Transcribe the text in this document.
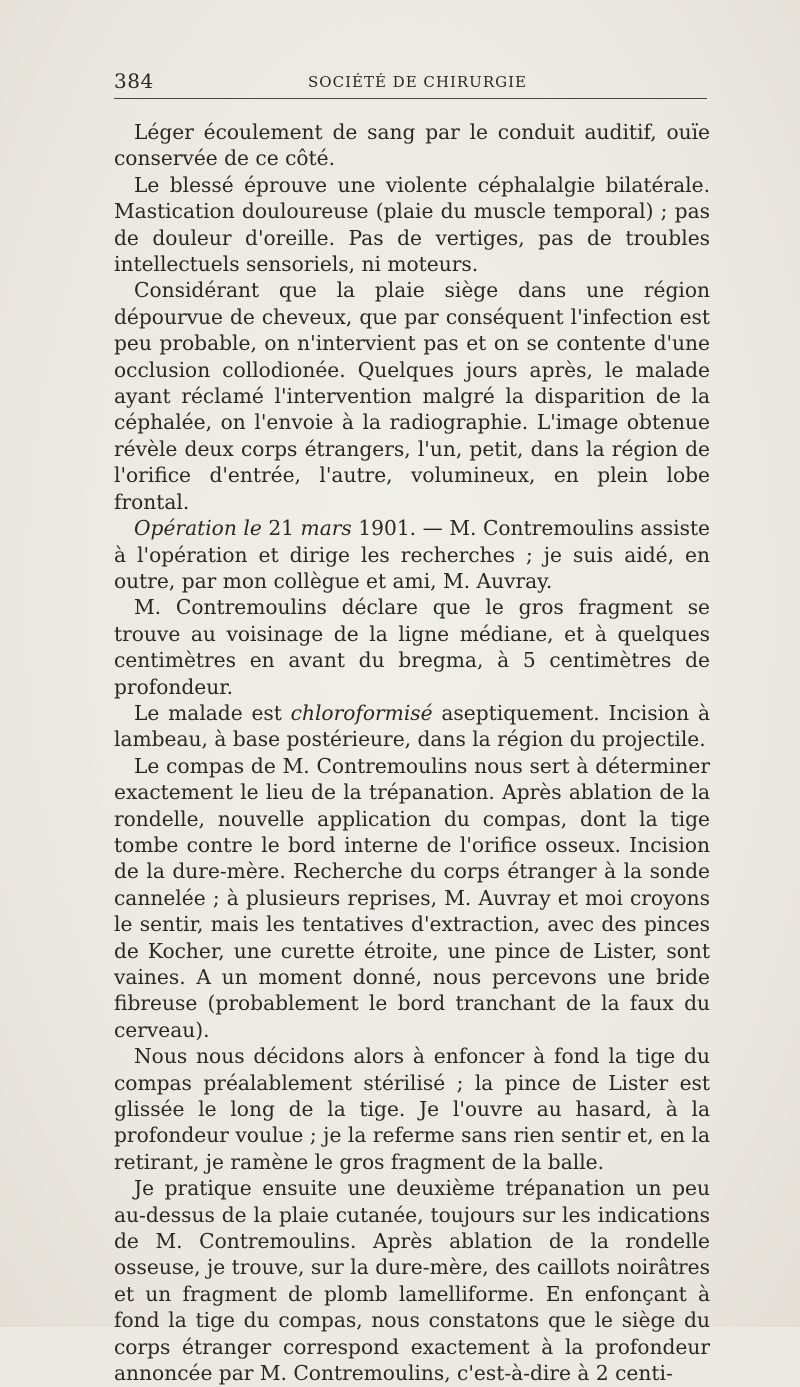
384	SOCIÉTÉ DE CHIRURGIE

Léger écoulement de sang par le conduit auditif, ouïe conservée de ce côté.

Le blessé éprouve une violente céphalalgie bilatérale. Mastication douloureuse (plaie du muscle temporal) ; pas de douleur d'oreille. Pas de vertiges, pas de troubles intellectuels sensoriels, ni moteurs.

Considérant que la plaie siège dans une région dépourvue de cheveux, que par conséquent l'infection est peu probable, on n'intervient pas et on se contente d'une occlusion collodionée. Quelques jours après, le malade ayant réclamé l'intervention malgré la disparition de la céphalée, on l'envoie à la radiographie. L'image obtenue révèle deux corps étrangers, l'un, petit, dans la région de l'orifice d'entrée, l'autre, volumineux, en plein lobe frontal.

Opération le 21 mars 1901. — M. Contremoulins assiste à l'opération et dirige les recherches ; je suis aidé, en outre, par mon collègue et ami, M. Auvray.

M. Contremoulins déclare que le gros fragment se trouve au voisinage de la ligne médiane, et à quelques centimètres en avant du bregma, à 5 centimètres de profondeur.

Le malade est chloroformisé aseptiquement. Incision à lambeau, à base postérieure, dans la région du projectile.

Le compas de M. Contremoulins nous sert à déterminer exactement le lieu de la trépanation. Après ablation de la rondelle, nouvelle application du compas, dont la tige tombe contre le bord interne de l'orifice osseux. Incision de la dure-mère. Recherche du corps étranger à la sonde cannelée ; à plusieurs reprises, M. Auvray et moi croyons le sentir, mais les tentatives d'extraction, avec des pinces de Kocher, une curette étroite, une pince de Lister, sont vaines. A un moment donné, nous percevons une bride fibreuse (probablement le bord tranchant de la faux du cerveau).

Nous nous décidons alors à enfoncer à fond la tige du compas préalablement stérilisé ; la pince de Lister est glissée le long de la tige. Je l'ouvre au hasard, à la profondeur voulue ; je la referme sans rien sentir et, en la retirant, je ramène le gros fragment de la balle.

Je pratique ensuite une deuxième trépanation un peu au-dessus de la plaie cutanée, toujours sur les indications de M. Contremoulins. Après ablation de la rondelle osseuse, je trouve, sur la dure-mère, des caillots noirâtres et un fragment de plomb lamelliforme. En enfonçant à fond la tige du compas, nous constatons que le siège du corps étranger correspond exactement à la profondeur annoncée par M. Contremoulins, c'est-à-dire à 2 centi-
